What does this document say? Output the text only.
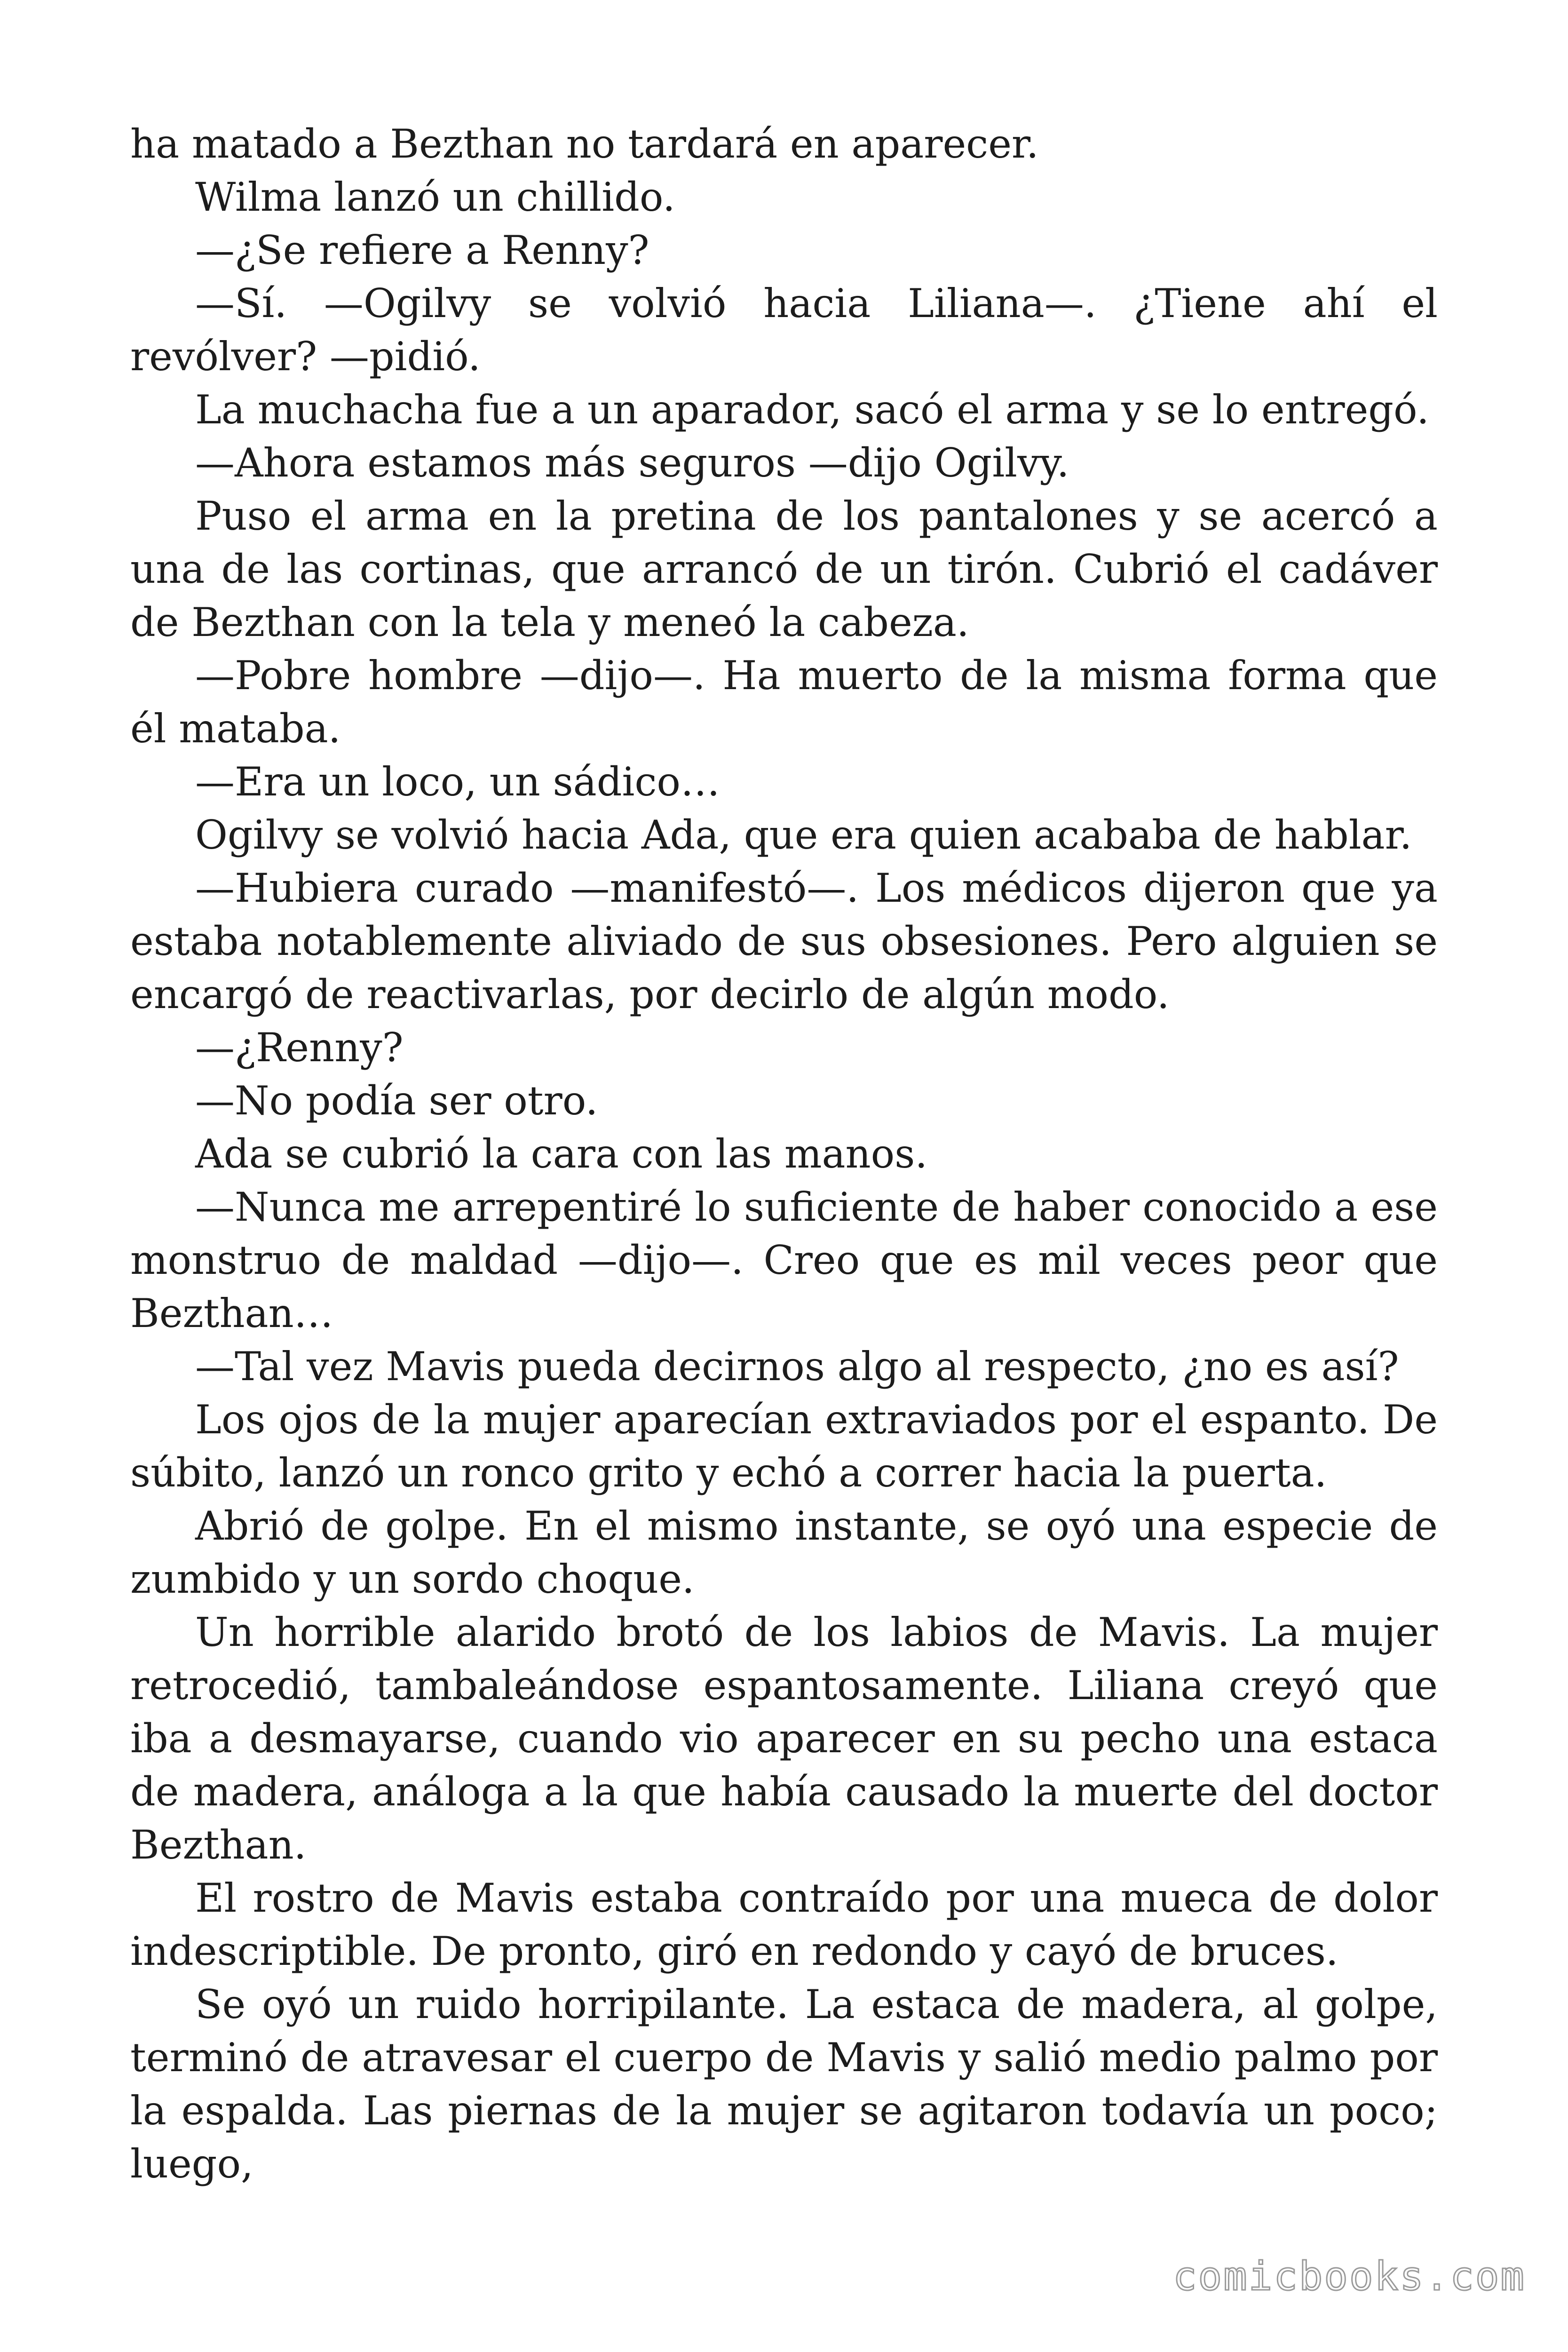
ha matado a Bezthan no tardará en aparecer.

Wilma lanzó un chillido.

—¿Se refiere a Renny?

—Sí. —Ogilvy se volvió hacia Liliana—. ¿Tiene ahí el revólver? —pidió.

La muchacha fue a un aparador, sacó el arma y se lo entregó.

—Ahora estamos más seguros —dijo Ogilvy.

Puso el arma en la pretina de los pantalones y se acercó a una de las cortinas, que arrancó de un tirón. Cubrió el cadáver de Bezthan con la tela y meneó la cabeza.

—Pobre hombre —dijo—. Ha muerto de la misma forma que él mataba.

—Era un loco, un sádico…

Ogilvy se volvió hacia Ada, que era quien acababa de hablar.

—Hubiera curado —manifestó—. Los médicos dijeron que ya estaba notablemente aliviado de sus obsesiones. Pero alguien se encargó de reactivarlas, por decirlo de algún modo.

—¿Renny?

—No podía ser otro.

Ada se cubrió la cara con las manos.

—Nunca me arrepentiré lo suficiente de haber conocido a ese monstruo de maldad —dijo—. Creo que es mil veces peor que Bezthan…

—Tal vez Mavis pueda decirnos algo al respecto, ¿no es así?

Los ojos de la mujer aparecían extraviados por el espanto. De súbito, lanzó un ronco grito y echó a correr hacia la puerta.

Abrió de golpe. En el mismo instante, se oyó una especie de zumbido y un sordo choque.

Un horrible alarido brotó de los labios de Mavis. La mujer retrocedió, tambaleándose espantosamente. Liliana creyó que iba a desmayarse, cuando vio aparecer en su pecho una estaca de madera, análoga a la que había causado la muerte del doctor Bezthan.

El rostro de Mavis estaba contraído por una mueca de dolor indescriptible. De pronto, giró en redondo y cayó de bruces.

Se oyó un ruido horripilante. La estaca de madera, al golpe, terminó de atravesar el cuerpo de Mavis y salió medio palmo por la espalda. Las piernas de la mujer se agitaron todavía un poco; luego,

comicbooks.com
